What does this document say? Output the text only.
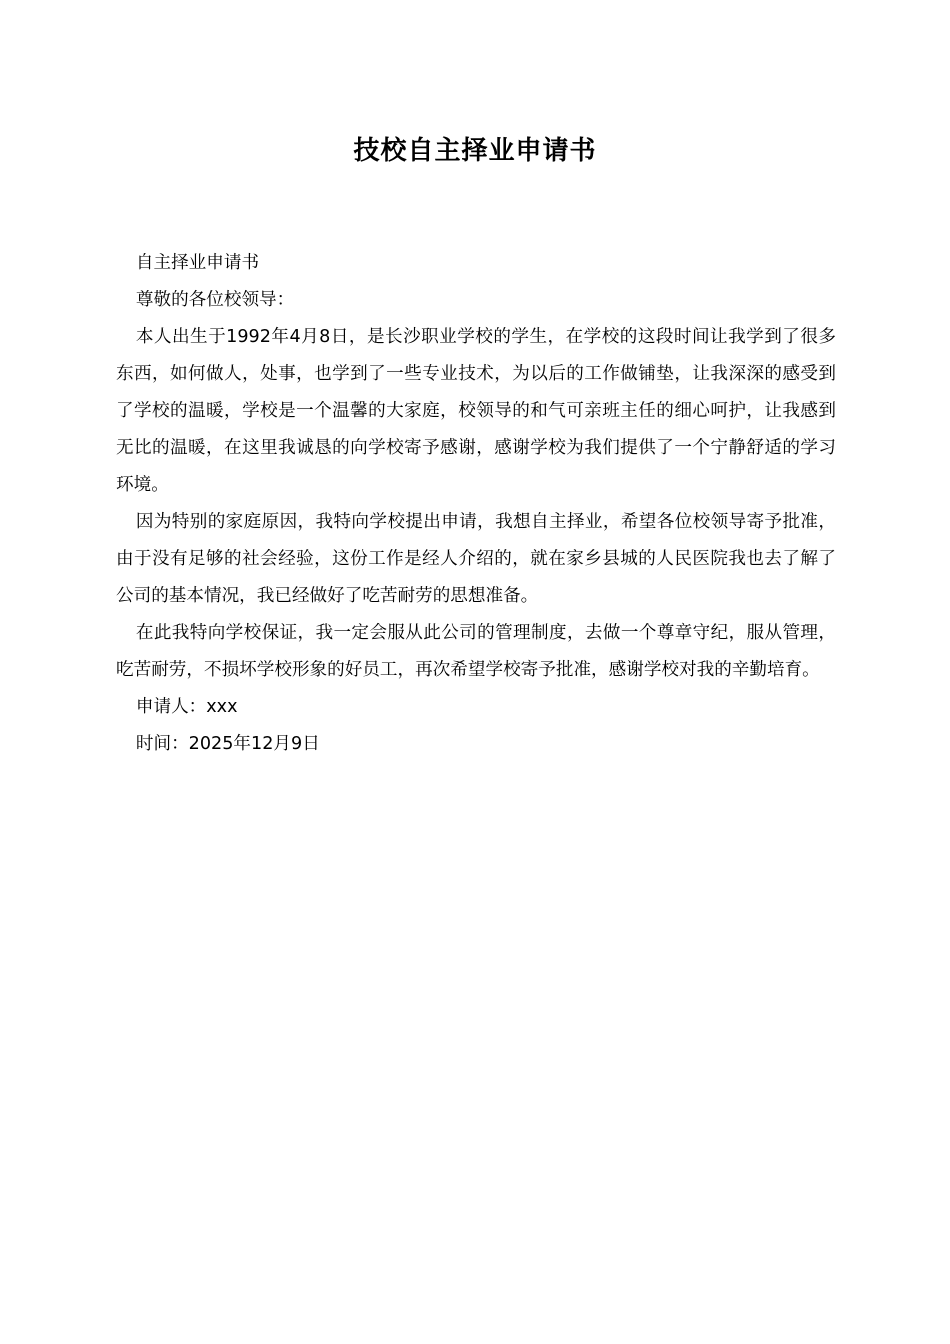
技校自主择业申请书

自主择业申请书

尊敬的各位校领导：

本人出生于1992年4月8日，是长沙职业学校的学生，在学校的这段时间让我学到了很多东西，如何做人，处事，也学到了一些专业技术，为以后的工作做铺垫，让我深深的感受到了学校的温暖，学校是一个温馨的大家庭，校领导的和气可亲班主任的细心呵护，让我感到无比的温暖，在这里我诚恳的向学校寄予感谢，感谢学校为我们提供了一个宁静舒适的学习环境。

因为特别的家庭原因，我特向学校提出申请，我想自主择业，希望各位校领导寄予批准，由于没有足够的社会经验，这份工作是经人介绍的，就在家乡县城的人民医院我也去了解了公司的基本情况，我已经做好了吃苦耐劳的思想准备。

在此我特向学校保证，我一定会服从此公司的管理制度，去做一个尊章守纪，服从管理，吃苦耐劳，不损坏学校形象的好员工，再次希望学校寄予批准，感谢学校对我的辛勤培育。

申请人：xxx

时间：2025年12月9日
